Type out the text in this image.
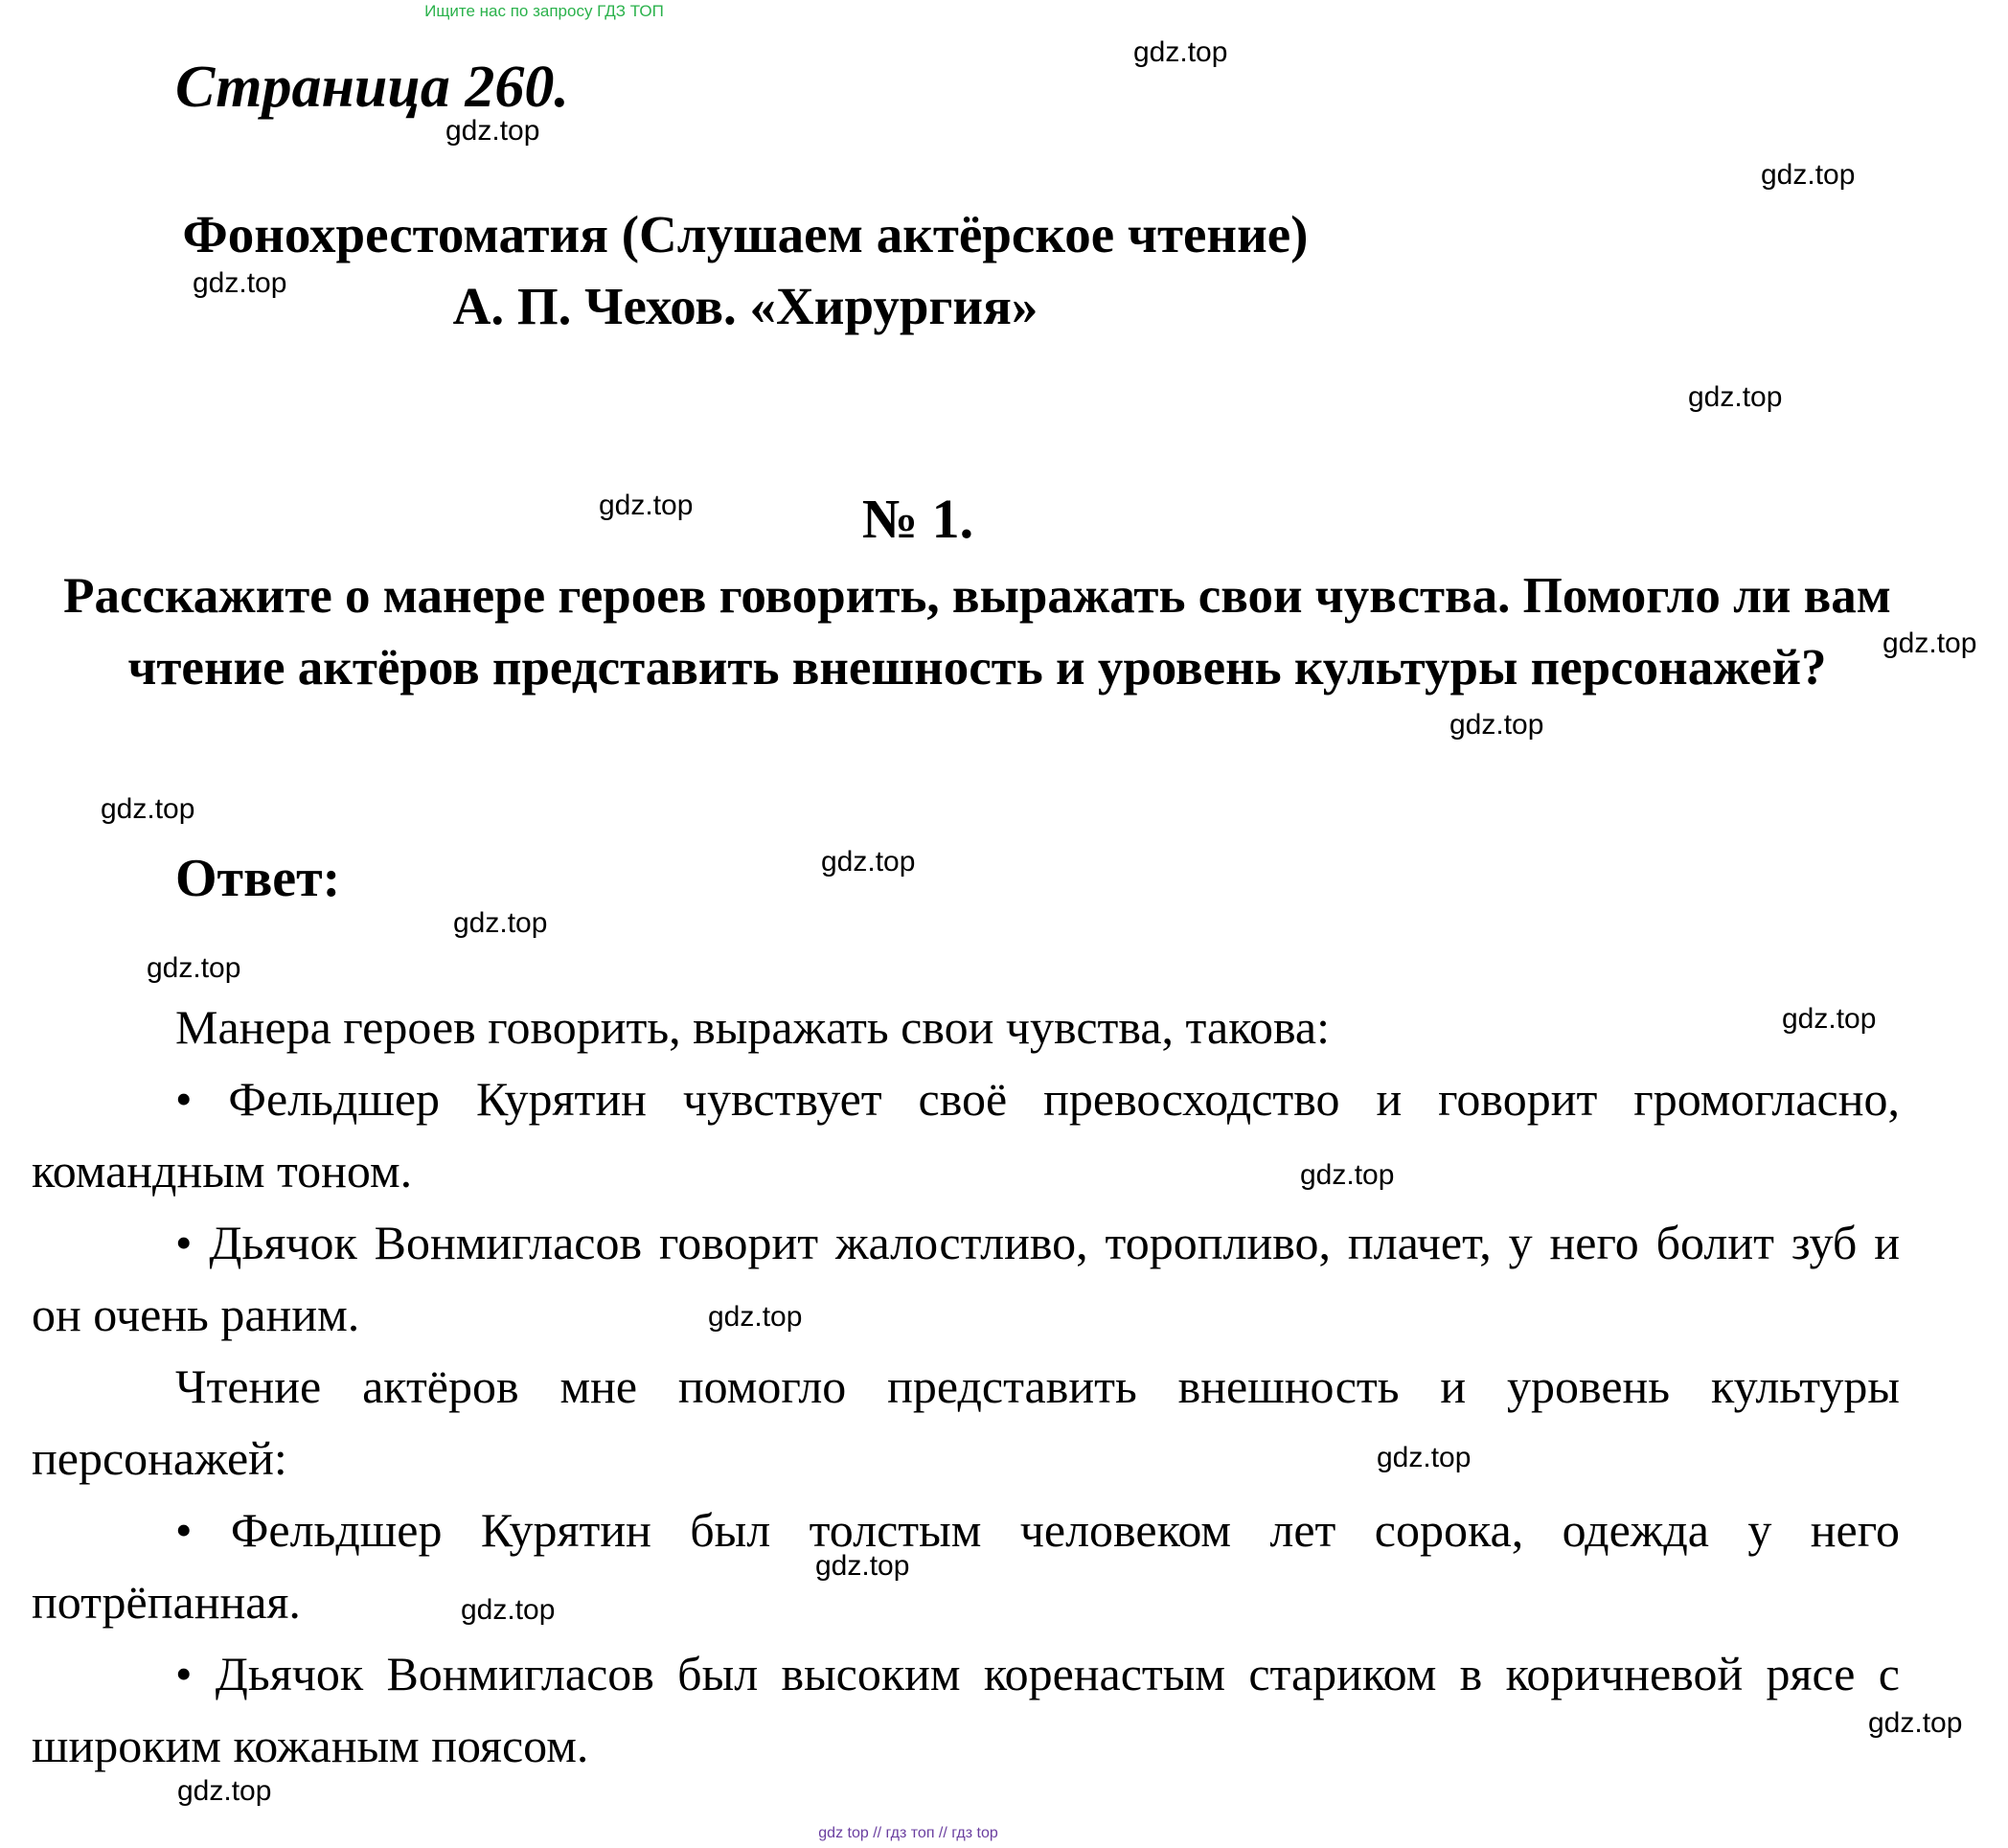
Ищите нас по запросу ГДЗ ТОП
Страница 260.
Фонохрестоматия (Слушаем актёрское чтение)
А. П. Чехов. «Хирургия»
№ 1.
Расскажите о манере героев говорить, выражать свои чувства. Помогло ли вам чтение актёров представить внешность и уровень культуры персонажей?
Ответ:
Манера героев говорить, выражать свои чувства, такова:
• Фельдшер Курятин чувствует своё превосходство и говорит громогласно, командным тоном.
• Дьячок Вонмигласов говорит жалостливо, торопливо, плачет, у него болит зуб и он очень раним.
Чтение актёров мне помогло представить внешность и уровень культуры персонажей:
• Фельдшер Курятин был толстым человеком лет сорока, одежда у него потрёпанная.
• Дьячок Вонмигласов был высоким коренастым стариком в коричневой рясе с широким кожаным поясом.
gdz.top
gdz.top
gdz.top
gdz.top
gdz.top
gdz.top
gdz.top
gdz.top
gdz.top
gdz.top
gdz.top
gdz.top
gdz.top
gdz.top
gdz.top
gdz.top
gdz.top
gdz.top
gdz.top
gdz.top
gdz top // гдз топ // гдз top
